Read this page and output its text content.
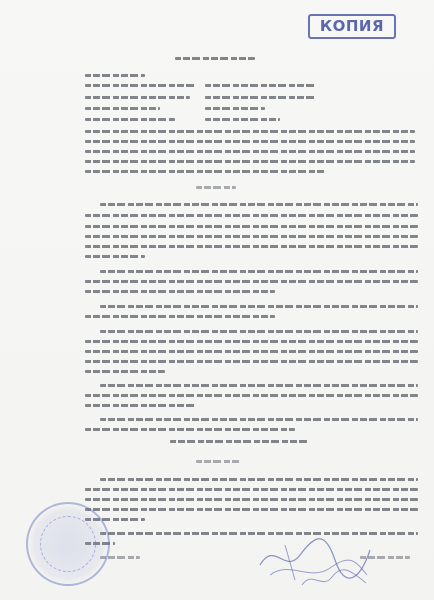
КОПИЯ
